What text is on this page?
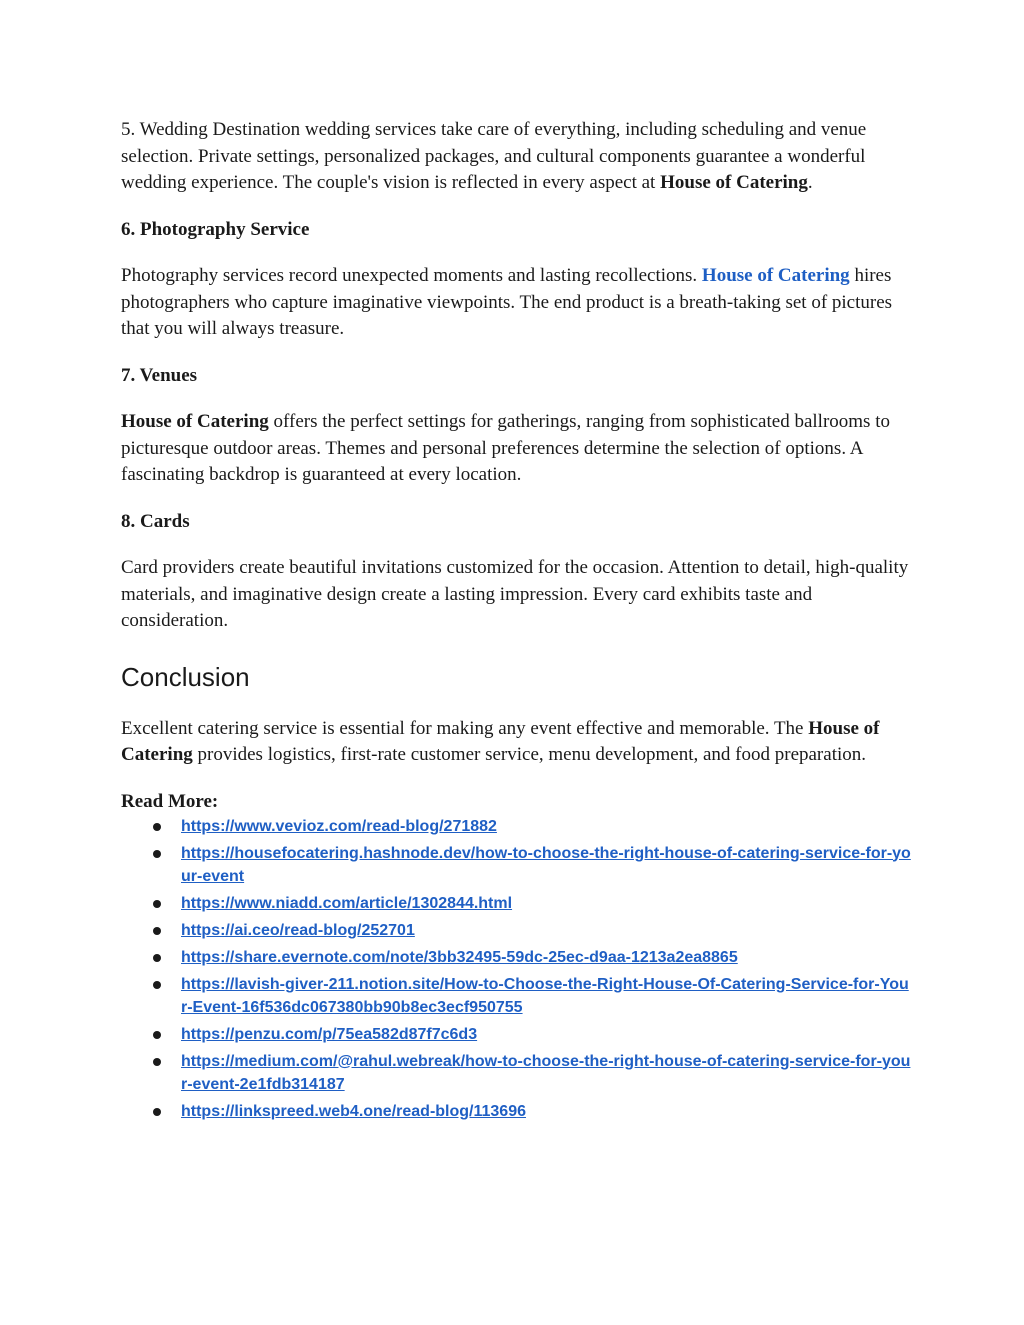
5. Wedding Destination wedding services take care of everything, including scheduling and venue selection. Private settings, personalized packages, and cultural components guarantee a wonderful wedding experience. The couple's vision is reflected in every aspect at House of Catering.

6. Photography Service

Photography services record unexpected moments and lasting recollections. House of Catering hires photographers who capture imaginative viewpoints. The end product is a breath-taking set of pictures that you will always treasure.

7. Venues

House of Catering offers the perfect settings for gatherings, ranging from sophisticated ballrooms to picturesque outdoor areas. Themes and personal preferences determine the selection of options. A fascinating backdrop is guaranteed at every location.

8. Cards

Card providers create beautiful invitations customized for the occasion. Attention to detail, high-quality materials, and imaginative design create a lasting impression. Every card exhibits taste and consideration.

Conclusion

Excellent catering service is essential for making any event effective and memorable. The House of Catering provides logistics, first-rate customer service, menu development, and food preparation.

Read More:

https://www.vevioz.com/read-blog/271882
https://housefocatering.hashnode.dev/how-to-choose-the-right-house-of-catering-service-for-your-event
https://www.niadd.com/article/1302844.html
https://ai.ceo/read-blog/252701
https://share.evernote.com/note/3bb32495-59dc-25ec-d9aa-1213a2ea8865
https://lavish-giver-211.notion.site/How-to-Choose-the-Right-House-Of-Catering-Service-for-Your-Event-16f536dc067380bb90b8ec3ecf950755
https://penzu.com/p/75ea582d87f7c6d3
https://medium.com/@rahul.webreak/how-to-choose-the-right-house-of-catering-service-for-your-event-2e1fdb314187
https://linkspreed.web4.one/read-blog/113696
